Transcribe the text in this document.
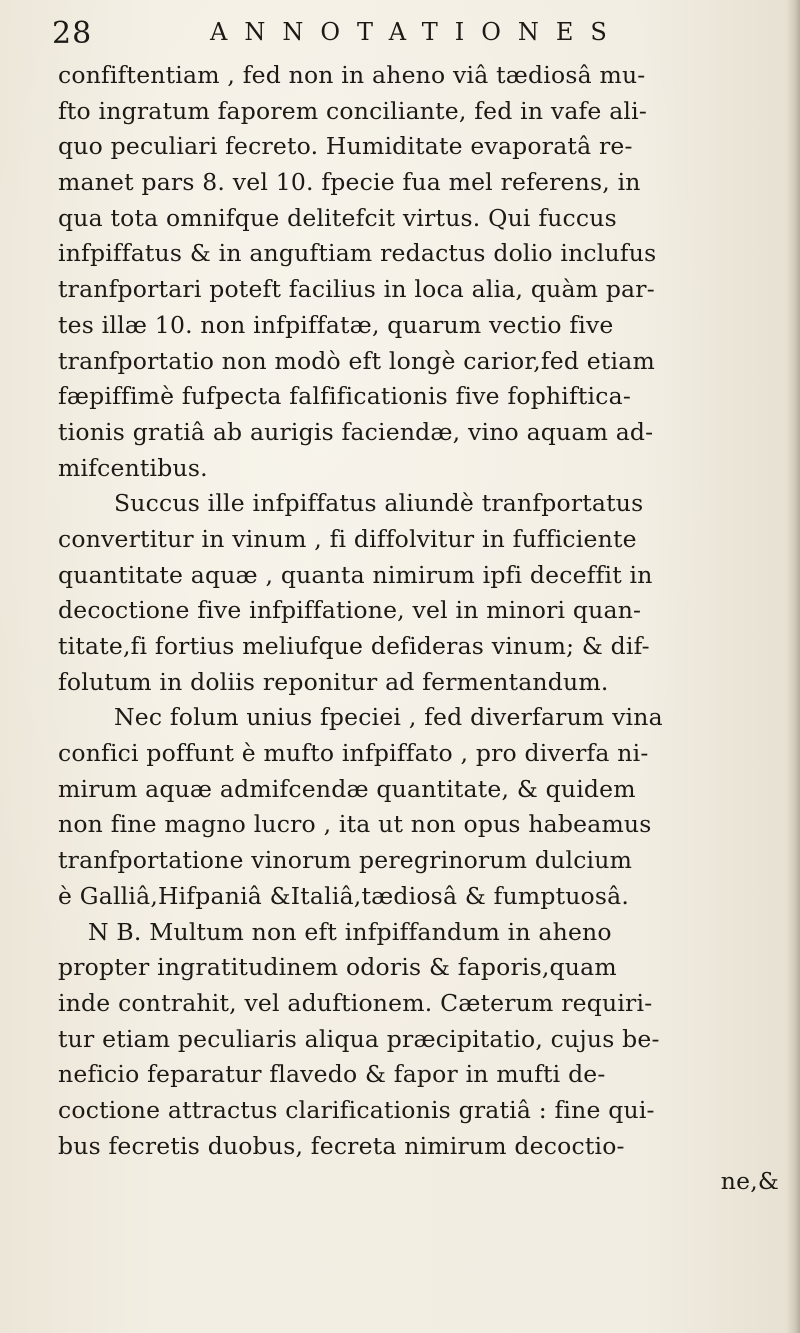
28	ANNOTATIONES
confiftentiam , fed non in aheno viâ tædiosâ mu-
fto ingratum faporem conciliante, fed in vafe ali-
quo peculiari fecreto. Humiditate evaporatâ re-
manet pars 8. vel 10. fpecie fua mel referens, in
qua tota omnifque delitefcit virtus. Qui fuccus
infpiffatus & in anguftiam redactus dolio inclufus
tranfportari poteft facilius in loca alia, quàm par-
tes illæ 10. non infpiffatæ, quarum vectio five
tranfportatio non modò eft longè carior,fed etiam
fæpiffimè fufpecta falfificationis five fophiftica-
tionis gratiâ ab aurigis faciendæ, vino aquam ad-
mifcentibus.
Succus ille infpiffatus aliundè tranfportatus
convertitur in vinum , fi diffolvitur in fufficiente
quantitate aquæ , quanta nimirum ipfi deceffit in
decoctione five infpiffatione, vel in minori quan-
titate,fi fortius meliufque defideras vinum; & dif-
folutum in doliis reponitur ad fermentandum.
Nec folum unius fpeciei , fed diverfarum vina
confici poffunt è mufto infpiffato , pro diverfa ni-
mirum aquæ admifcendæ quantitate, & quidem
non fine magno lucro , ita ut non opus habeamus
tranfportatione vinorum peregrinorum dulcium
è Galliâ,Hifpaniâ &Italiâ,tædiosâ & fumptuosâ.
N B. Multum non eft infpiffandum in aheno
propter ingratitudinem odoris & faporis,quam
inde contrahit, vel aduftionem. Cæterum requiri-
tur etiam peculiaris aliqua præcipitatio, cujus be-
neficio feparatur flavedo & fapor in mufti de-
coctione attractus clarificationis gratiâ : fine qui-
bus fecretis duobus, fecreta nimirum decoctio-
ne,&
